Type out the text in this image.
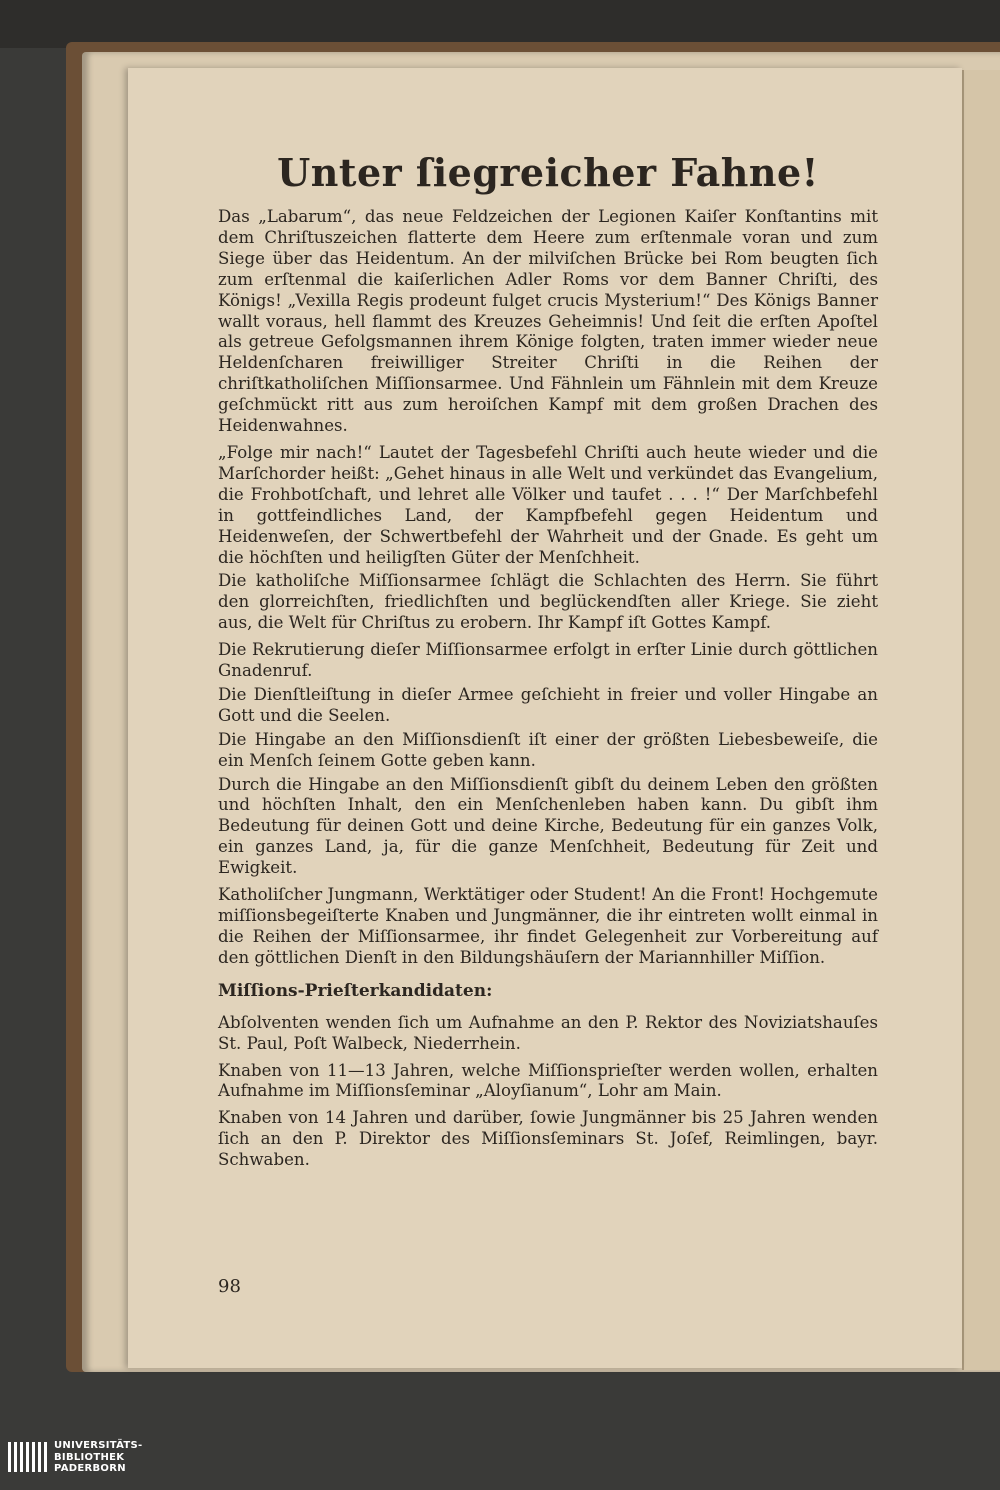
Unter ſiegreicher Fahne!

Das „Labarum“, das neue Feldzeichen der Legionen Kaiſer Konſtantins mit dem Chriſtuszeichen flatterte dem Heere zum erſtenmale voran und zum Siege über das Heidentum. An der milviſchen Brücke bei Rom beugten ſich zum erſtenmal die kaiſerlichen Adler Roms vor dem Banner Chriſti, des Königs! „Vexilla Regis prodeunt fulget crucis Mysterium!“ Des Königs Banner wallt voraus, hell flammt des Kreuzes Geheimnis! Und ſeit die erſten Apoſtel als getreue Gefolgsmannen ihrem Könige folgten, traten immer wieder neue Heldenſcharen freiwilliger Streiter Chriſti in die Reihen der chriſtkatholiſchen Miſſionsarmee. Und Fähnlein um Fähnlein mit dem Kreuze geſchmückt ritt aus zum heroiſchen Kampf mit dem großen Drachen des Heidenwahnes.

„Folge mir nach!“ Lautet der Tagesbefehl Chriſti auch heute wieder und die Marſchorder heißt: „Gehet hinaus in alle Welt und verkündet das Evangelium, die Frohbotſchaft, und lehret alle Völker und taufet . . . !“ Der Marſchbefehl in gottfeindliches Land, der Kampfbefehl gegen Heidentum und Heidenweſen, der Schwertbefehl der Wahrheit und der Gnade. Es geht um die höchſten und heiligſten Güter der Menſchheit.

Die katholiſche Miſſionsarmee ſchlägt die Schlachten des Herrn. Sie führt den glorreichſten, friedlichſten und beglückendſten aller Kriege. Sie zieht aus, die Welt für Chriſtus zu erobern. Ihr Kampf iſt Gottes Kampf.

Die Rekrutierung dieſer Miſſionsarmee erfolgt in erſter Linie durch göttlichen Gnadenruf.

Die Dienſtleiſtung in dieſer Armee geſchieht in freier und voller Hingabe an Gott und die Seelen.

Die Hingabe an den Miſſionsdienſt iſt einer der größten Liebesbeweiſe, die ein Menſch ſeinem Gotte geben kann.

Durch die Hingabe an den Miſſionsdienſt gibſt du deinem Leben den größten und höchſten Inhalt, den ein Menſchenleben haben kann. Du gibſt ihm Bedeutung für deinen Gott und deine Kirche, Bedeutung für ein ganzes Volk, ein ganzes Land, ja, für die ganze Menſchheit, Bedeutung für Zeit und Ewigkeit.

Katholiſcher Jungmann, Werktätiger oder Student! An die Front! Hochgemute miſſionsbegeiſterte Knaben und Jungmänner, die ihr eintreten wollt einmal in die Reihen der Miſſionsarmee, ihr findet Gelegenheit zur Vorbereitung auf den göttlichen Dienſt in den Bildungshäuſern der Mariannhiller Miſſion.

Miſſions-Prieſterkandidaten:

Abſolventen wenden ſich um Aufnahme an den P. Rektor des Noviziatshauſes St. Paul, Poſt Walbeck, Niederrhein.

Knaben von 11—13 Jahren, welche Miſſionsprieſter werden wollen, erhalten Aufnahme im Miſſionsſeminar „Aloyſianum“, Lohr am Main.

Knaben von 14 Jahren und darüber, ſowie Jungmänner bis 25 Jahren wenden ſich an den P. Direktor des Miſſionsſeminars St. Joſef, Reimlingen, bayr. Schwaben.

98
UNIVERSITÄTS-
BIBLIOTHEK
PADERBORN
